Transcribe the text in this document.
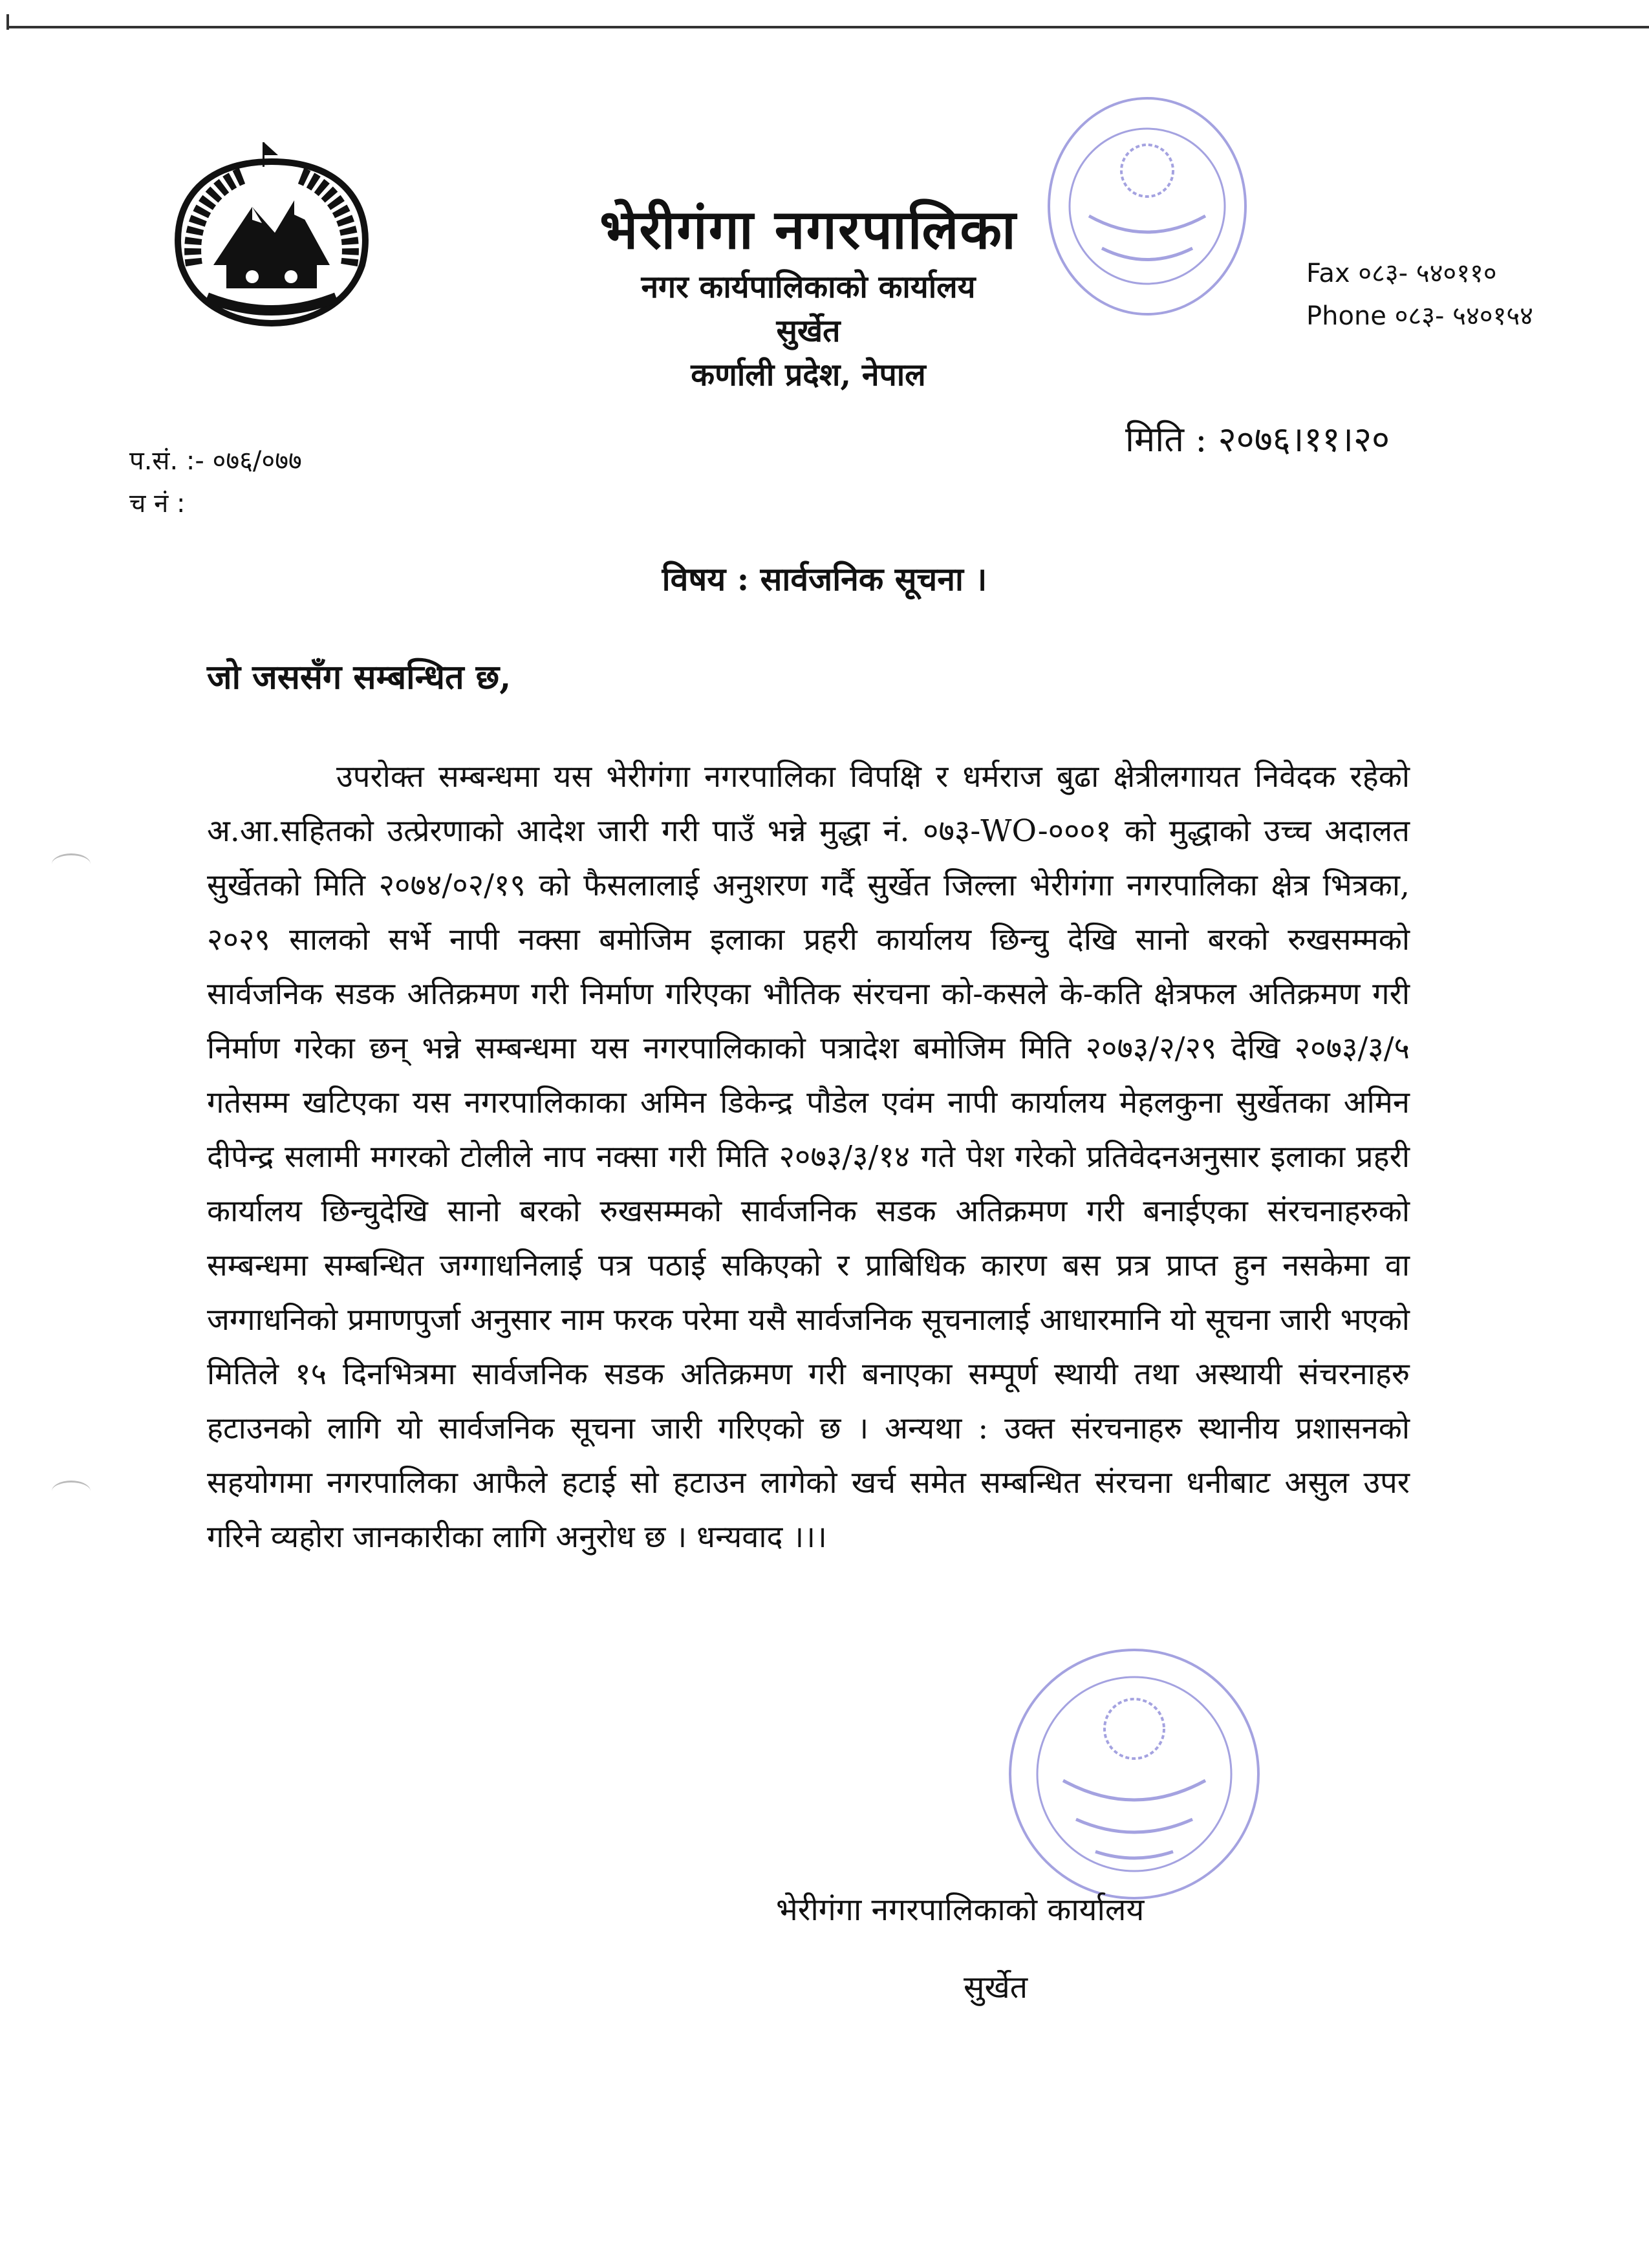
भेरीगंगा नगरपालिका
नगर कार्यपालिकाको कार्यालय
सुर्खेत
कर्णाली प्रदेश, नेपाल
Fax ०८३- ५४०११०
Phone ०८३- ५४०१५४
प.सं. :- ०७६/०७७
च नं :
मिति : २०७६।११।२०
विषय : सार्वजनिक सूचना ।
जो जससँग सम्बन्धित छ,
उपरोक्त सम्बन्धमा यस भेरीगंगा नगरपालिका विपक्षि र धर्मराज बुढा क्षेत्रीलगायत निवेदक रहेको अ.आ.सहितको उत्प्रेरणाको आदेश जारी गरी पाउँ भन्ने मुद्धा नं. ०७३-WO-०००१ को मुद्धाको उच्च अदालत सुर्खेतको मिति २०७४/०२/१९ को फैसलालाई अनुशरण गर्दै सुर्खेत जिल्ला भेरीगंगा नगरपालिका क्षेत्र भित्रका, २०२९ सालको सर्भे नापी नक्सा बमोजिम इलाका प्रहरी कार्यालय छिन्चु देखि सानो बरको रुखसम्मको सार्वजनिक सडक अतिक्रमण गरी निर्माण गरिएका भौतिक संरचना को-कसले के-कति क्षेत्रफल अतिक्रमण गरी निर्माण गरेका छन् भन्ने सम्बन्धमा यस नगरपालिकाको पत्रादेश बमोजिम मिति २०७३/२/२९ देखि २०७३/३/५ गतेसम्म खटिएका यस नगरपालिकाका अमिन डिकेन्द्र पौडेल एवंम नापी कार्यालय मेहलकुना सुर्खेतका अमिन दीपेन्द्र सलामी मगरको टोलीले नाप नक्सा गरी मिति २०७३/३/१४ गते पेश गरेको प्रतिवेदनअनुसार इलाका प्रहरी कार्यालय छिन्चुदेखि सानो बरको रुखसम्मको सार्वजनिक सडक अतिक्रमण गरी बनाईएका संरचनाहरुको सम्बन्धमा सम्बन्धित जग्गाधनिलाई पत्र पठाई सकिएको र प्राबिधिक कारण बस प्रत्र प्राप्त हुन नसकेमा वा जग्गाधनिको प्रमाणपुर्जा अनुसार नाम फरक परेमा यसै सार्वजनिक सूचनालाई आधारमानि यो सूचना जारी भएको मितिले १५ दिनभित्रमा सार्वजनिक सडक अतिक्रमण गरी बनाएका सम्पूर्ण स्थायी तथा अस्थायी संचरनाहरु हटाउनको लागि यो सार्वजनिक सूचना जारी गरिएको छ । अन्यथा : उक्त संरचनाहरु स्थानीय प्रशासनको सहयोगमा नगरपालिका आफैले हटाई सो हटाउन लागेको खर्च समेत सम्बन्धित संरचना धनीबाट असुल उपर गरिने व्यहोरा जानकारीका लागि अनुरोध छ । धन्यवाद ।।।
भेरीगंगा नगरपालिकाको कार्यालय
सुर्खेत
